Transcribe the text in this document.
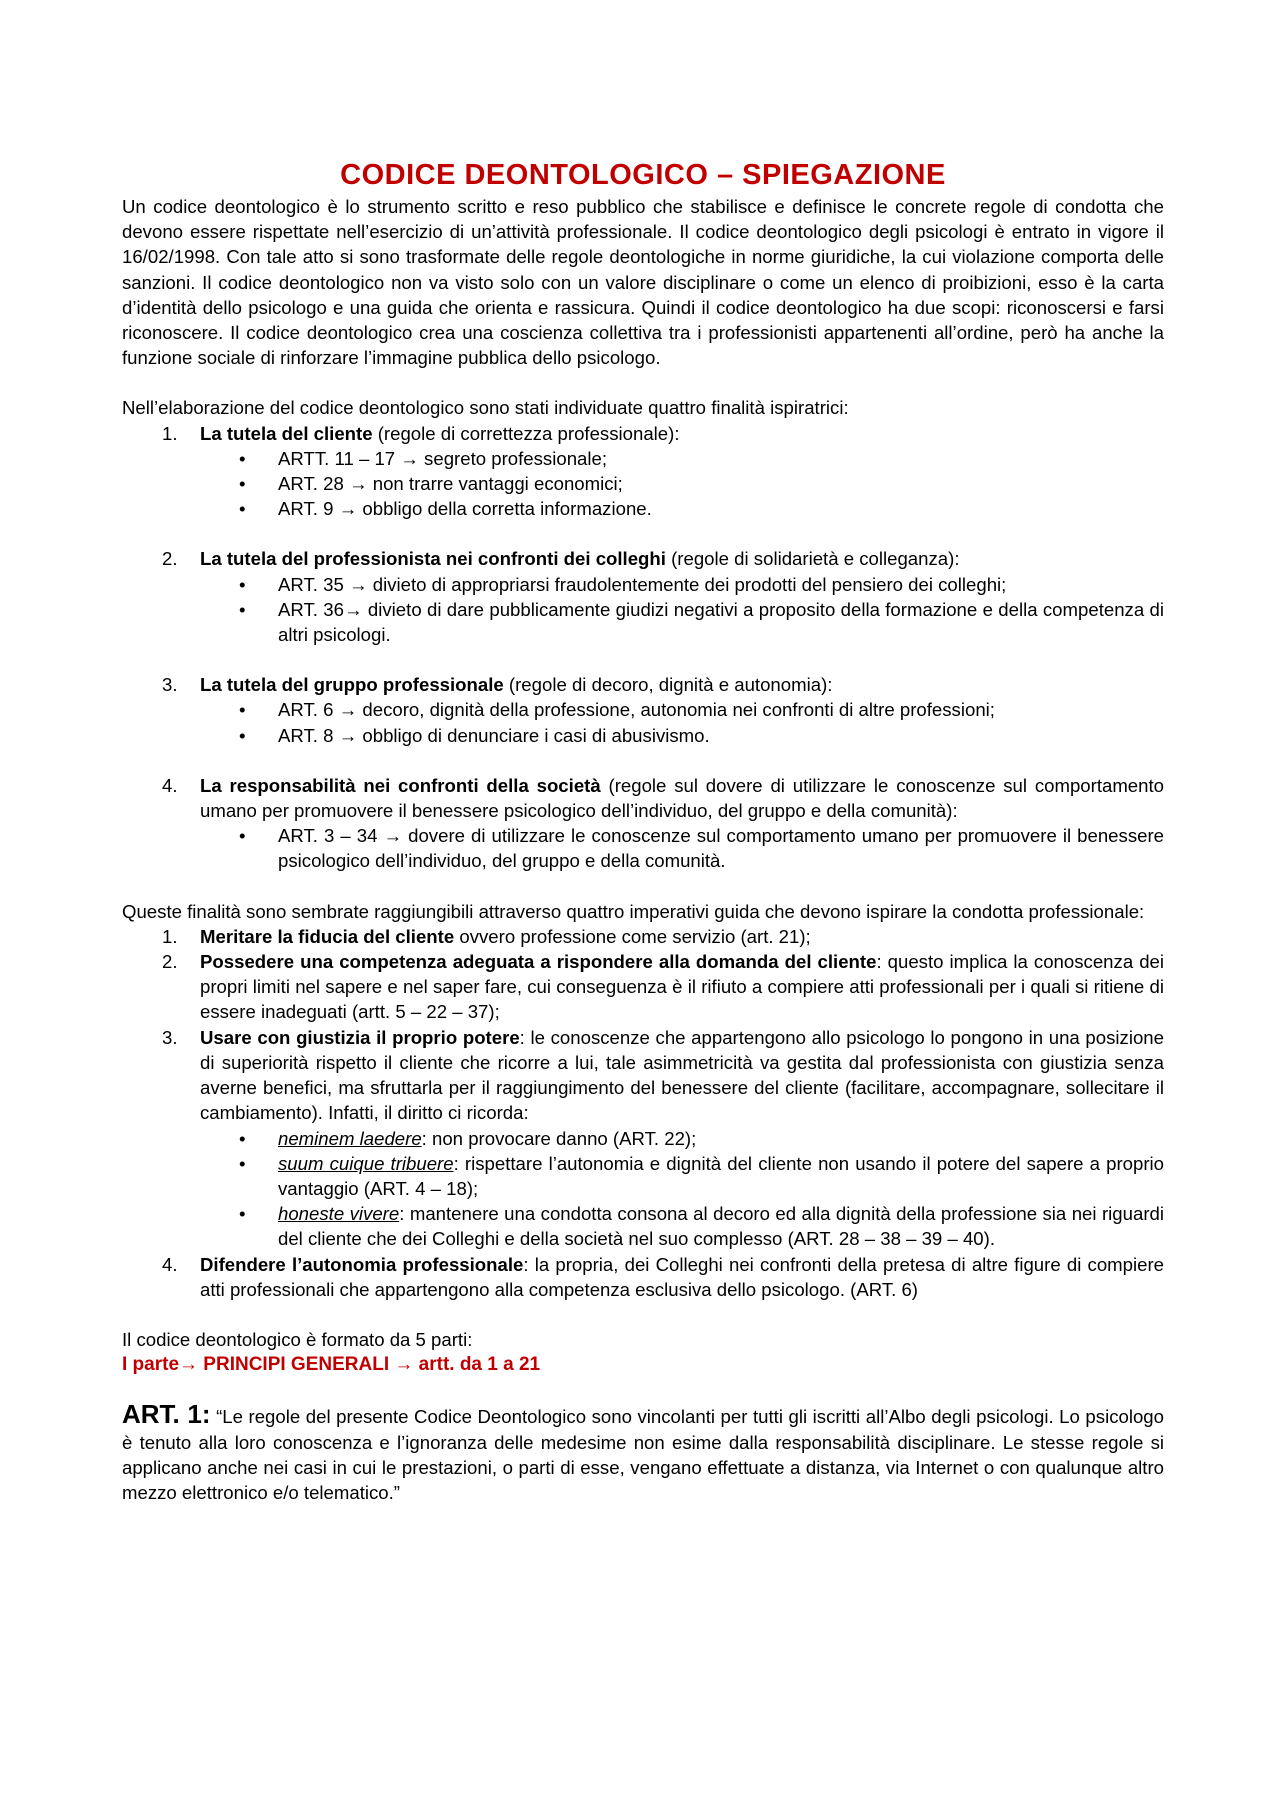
CODICE DEONTOLOGICO – SPIEGAZIONE

Un codice deontologico è lo strumento scritto e reso pubblico che stabilisce e definisce le concrete regole di condotta che devono essere rispettate nell’esercizio di un’attività professionale. Il codice deontologico degli psicologi è entrato in vigore il 16/02/1998. Con tale atto si sono trasformate delle regole deontologiche in norme giuridiche, la cui violazione comporta delle sanzioni. Il codice deontologico non va visto solo con un valore disciplinare o come un elenco di proibizioni, esso è la carta d’identità dello psicologo e una guida che orienta e rassicura. Quindi il codice deontologico ha due scopi: riconoscersi e farsi riconoscere. Il codice deontologico crea una coscienza collettiva tra i professionisti appartenenti all’ordine, però ha anche la funzione sociale di rinforzare l’immagine pubblica dello psicologo.

Nell’elaborazione del codice deontologico sono stati individuate quattro finalità ispiratrici:

1. La tutela del cliente (regole di correttezza professionale):
• ARTT. 11 – 17 → segreto professionale;
• ART. 28 → non trarre vantaggi economici;
• ART. 9 → obbligo della corretta informazione.
2. La tutela del professionista nei confronti dei colleghi (regole di solidarietà e colleganza):
• ART. 35 → divieto di appropriarsi fraudolentemente dei prodotti del pensiero dei colleghi;
• ART. 36→ divieto di dare pubblicamente giudizi negativi a proposito della formazione e della competenza di altri psicologi.
3. La tutela del gruppo professionale (regole di decoro, dignità e autonomia):
• ART. 6 → decoro, dignità della professione, autonomia nei confronti di altre professioni;
• ART. 8 → obbligo di denunciare i casi di abusivismo.
4. La responsabilità nei confronti della società (regole sul dovere di utilizzare le conoscenze sul comportamento umano per promuovere il benessere psicologico dell’individuo, del gruppo e della comunità):
• ART. 3 – 34 → dovere di utilizzare le conoscenze sul comportamento umano per promuovere il benessere psicologico dell’individuo, del gruppo e della comunità.

Queste finalità sono sembrate raggiungibili attraverso quattro imperativi guida che devono ispirare la condotta professionale:

1. Meritare la fiducia del cliente ovvero professione come servizio (art. 21);
2. Possedere una competenza adeguata a rispondere alla domanda del cliente: questo implica la conoscenza dei propri limiti nel sapere e nel saper fare, cui conseguenza è il rifiuto a compiere atti professionali per i quali si ritiene di essere inadeguati (artt. 5 – 22 – 37);
3. Usare con giustizia il proprio potere: le conoscenze che appartengono allo psicologo lo pongono in una posizione di superiorità rispetto il cliente che ricorre a lui, tale asimmetricità va gestita dal professionista con giustizia senza averne benefici, ma sfruttarla per il raggiungimento del benessere del cliente (facilitare, accompagnare, sollecitare il cambiamento). Infatti, il diritto ci ricorda:
• neminem laedere: non provocare danno (ART. 22);
• suum cuique tribuere: rispettare l’autonomia e dignità del cliente non usando il potere del sapere a proprio vantaggio (ART. 4 – 18);
• honeste vivere: mantenere una condotta consona al decoro ed alla dignità della professione sia nei riguardi del cliente che dei Colleghi e della società nel suo complesso (ART. 28 – 38 – 39 – 40).
4. Difendere l’autonomia professionale: la propria, dei Colleghi nei confronti della pretesa di altre figure di compiere atti professionali che appartengono alla competenza esclusiva dello psicologo. (ART. 6)

Il codice deontologico è formato da 5 parti:

I parte→ PRINCIPI GENERALI → artt. da 1 a 21

ART. 1: “Le regole del presente Codice Deontologico sono vincolanti per tutti gli iscritti all’Albo degli psicologi. Lo psicologo è tenuto alla loro conoscenza e l’ignoranza delle medesime non esime dalla responsabilità disciplinare. Le stesse regole si applicano anche nei casi in cui le prestazioni, o parti di esse, vengano effettuate a distanza, via Internet o con qualunque altro mezzo elettronico e/o telematico.”
